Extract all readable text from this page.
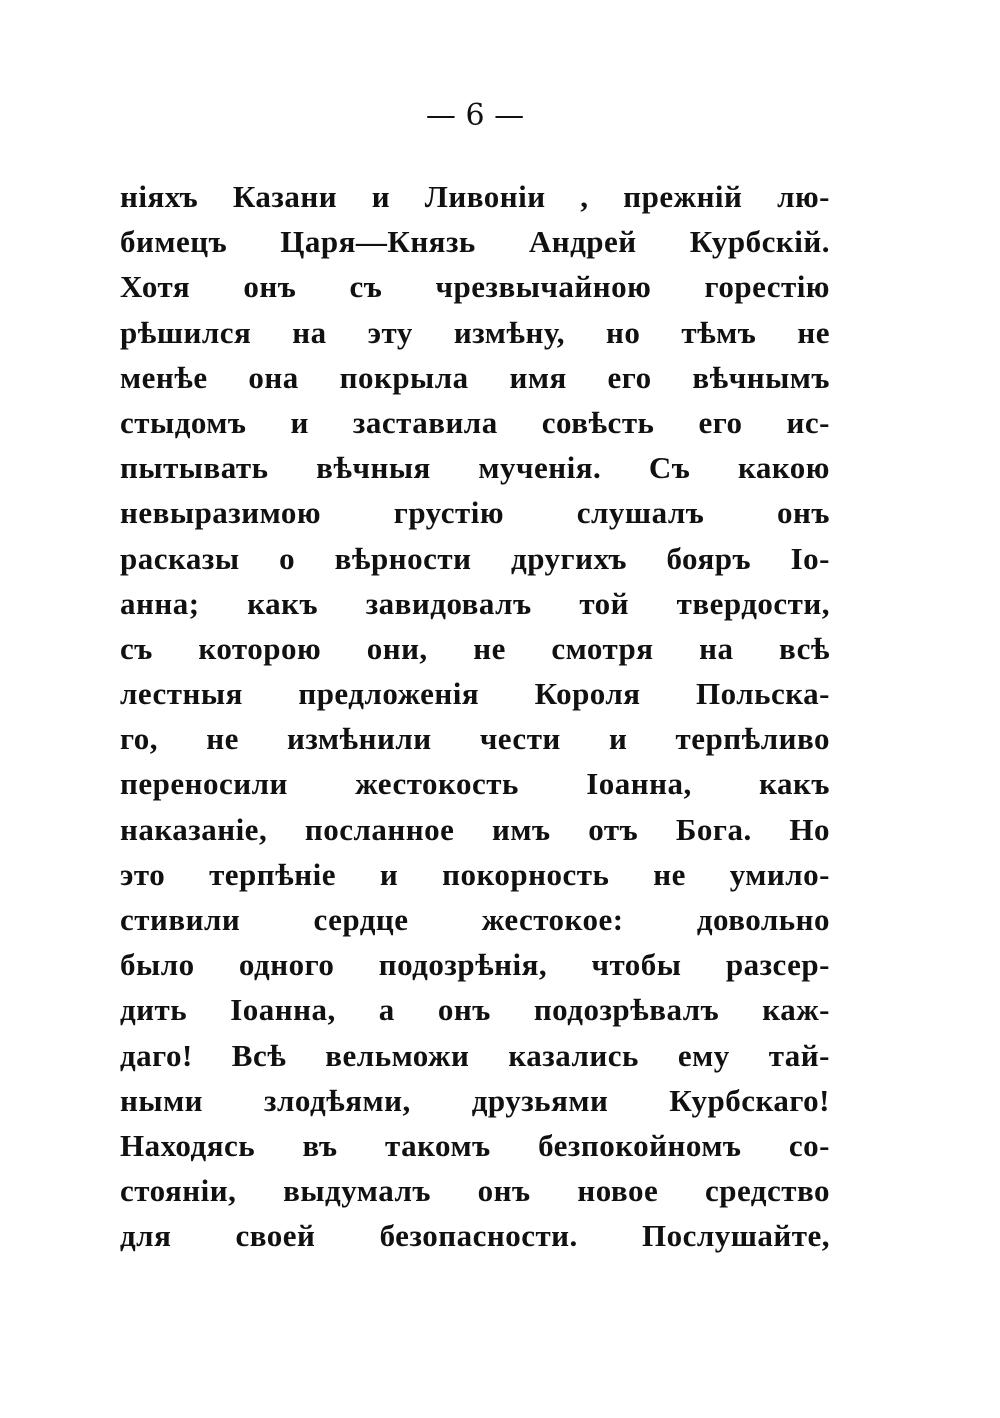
— 6 —
нiяхъ Казани и Ливонiи , прежнiй лю-
бимецъ Царя—Князь Андрей Курбскiй.
Хотя онъ съ чрезвычайною горестiю
рѣшился на эту измѣну, но тѣмъ не
менѣе она покрыла имя его вѣчнымъ
стыдомъ и заставила совѣсть его ис-
пытывать вѣчныя мученiя. Съ какою
невыразимою грустiю слушалъ онъ
расказы о вѣрности другихъ бояръ Iо-
анна; какъ завидовалъ той твердости,
съ которою они, не смотря на всѣ
лестныя предложенiя Короля Польска-
го, не измѣнили чести и терпѣливо
переносили жестокость Iоанна, какъ
наказанiе, посланное имъ отъ Бога. Но
это терпѣнiе и покорность не умило-
стивили сердце жестокое: довольно
было одного подозрѣнiя, чтобы разсер-
дить Iоанна, а онъ подозрѣвалъ каж-
даго! Всѣ вельможи казались ему тай-
ными злодѣями, друзьями Курбскаго!
Находясь въ такомъ безпокойномъ со-
стоянiи, выдумалъ онъ новое средство
для своей безопасности. Послушайте,
